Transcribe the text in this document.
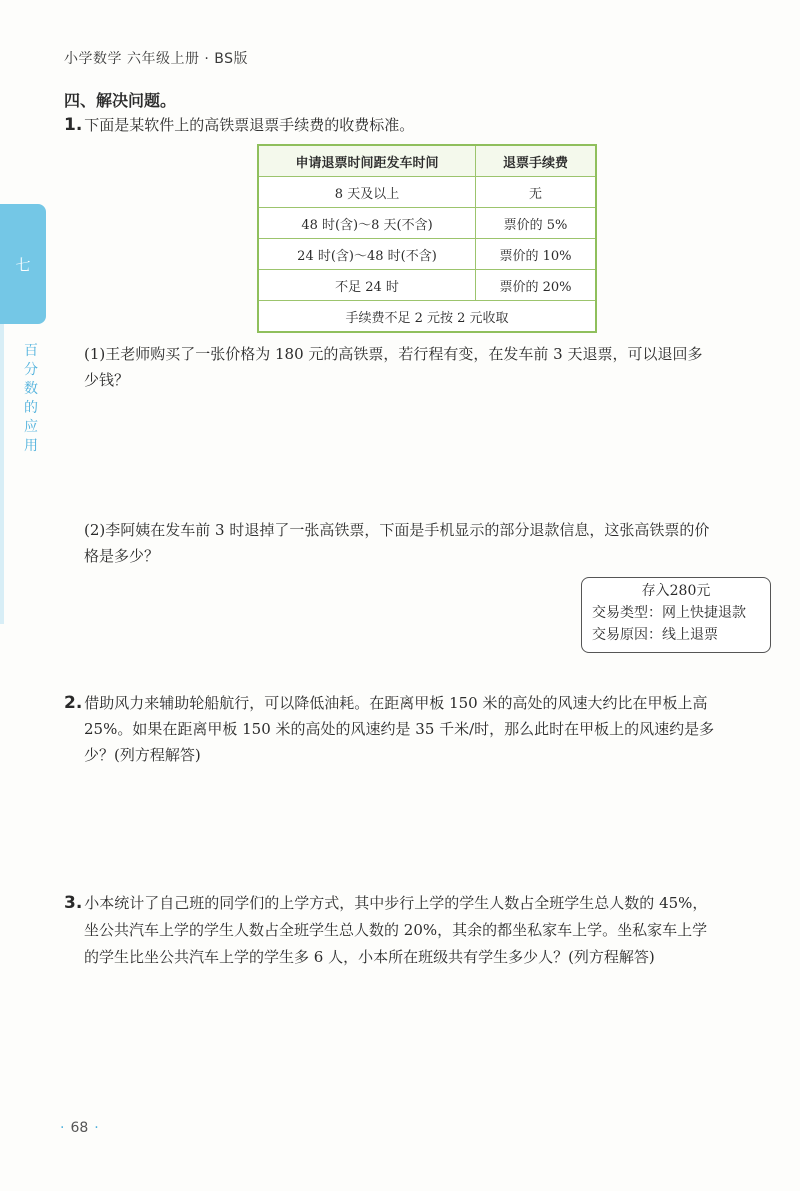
小学数学 六年级上册 · BS版
四、解决问题。
七
百分数的应用
1. 下面是某软件上的高铁票退票手续费的收费标准。
申请退票时间距发车时间	退票手续费
8 天及以上	无
48 时(含)～8 天(不含)	票价的 5%
24 时(含)～48 时(不含)	票价的 10%
不足 24 时	票价的 20%
手续费不足 2 元按 2 元收取	
(1)王老师购买了一张价格为 180 元的高铁票，若行程有变，在发车前 3 天退票，可以退回多
少钱？
(2)李阿姨在发车前 3 时退掉了一张高铁票，下面是手机显示的部分退款信息，这张高铁票的价
格是多少？
存入280元
交易类型：网上快捷退款
交易原因：线上退票
2. 借助风力来辅助轮船航行，可以降低油耗。在距离甲板 150 米的高处的风速大约比在甲板上高
25%。如果在距离甲板 150 米的高处的风速约是 35 千米/时，那么此时在甲板上的风速约是多
少？(列方程解答)
3. 小本统计了自己班的同学们的上学方式，其中步行上学的学生人数占全班学生总人数的 45%，
坐公共汽车上学的学生人数占全班学生总人数的 20%，其余的都坐私家车上学。坐私家车上学
的学生比坐公共汽车上学的学生多 6 人，小本所在班级共有学生多少人？(列方程解答)
· 68 ·
